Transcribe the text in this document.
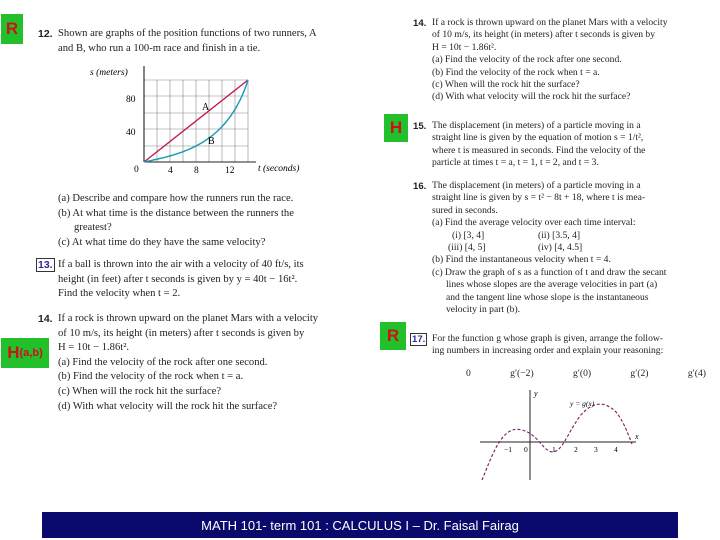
R
H
H (a,b)
R
12. Shown are graphs of the position functions of two runners, A
and B, who run a 100-m race and finish in a tie.
s (meters)
A
B
80
40
0	4 8	12 t (seconds)
(a) Describe and compare how the runners run the race.
(b) At what time is the distance between the runners the
greatest?
(c) At what time do they have the same velocity?
13. If a ball is thrown into the air with a velocity of 40 ft/s, its
height (in feet) after t seconds is given by y = 40t − 16t².
Find the velocity when t = 2.
14. If a rock is thrown upward on the planet Mars with a velocity
of 10 m/s, its height (in meters) after t seconds is given by
H = 10t − 1.86t².
(a) Find the velocity of the rock after one second.
(b) Find the velocity of the rock when t = a.
(c) When will the rock hit the surface?
(d) With what velocity will the rock hit the surface?
14. If a rock is thrown upward on the planet Mars with a velocity
of 10 m/s, its height (in meters) after t seconds is given by
H = 10t − 1.86t².
(a) Find the velocity of the rock after one second.
(b) Find the velocity of the rock when t = a.
(c) When will the rock hit the surface?
(d) With what velocity will the rock hit the surface?
15. The displacement (in meters) of a particle moving in a
straight line is given by the equation of motion s = 1/t²,
where t is measured in seconds. Find the velocity of the
particle at times t = a, t = 1, t = 2, and t = 3.
16. The displacement (in meters) of a particle moving in a
straight line is given by s = t² − 8t + 18, where t is mea-
sured in seconds.
(a) Find the average velocity over each time interval:
(i) [3, 4]	(ii) [3.5, 4]
(iii) [4, 5]	(iv) [4, 4.5]
(b) Find the instantaneous velocity when t = 4.
(c) Draw the graph of s as a function of t and draw the secant
lines whose slopes are the average velocities in part (a)
and the tangent line whose slope is the instantaneous
velocity in part (b).
17. For the function g whose graph is given, arrange the follow-
ing numbers in increasing order and explain your reasoning:
0	g′(−2)	g′(0)	g′(2)	g′(4)
y
x
y = g(x)
−1 0	1 2 3 4
MATH 101- term 101 : CALCULUS I – Dr. Faisal Fairag
